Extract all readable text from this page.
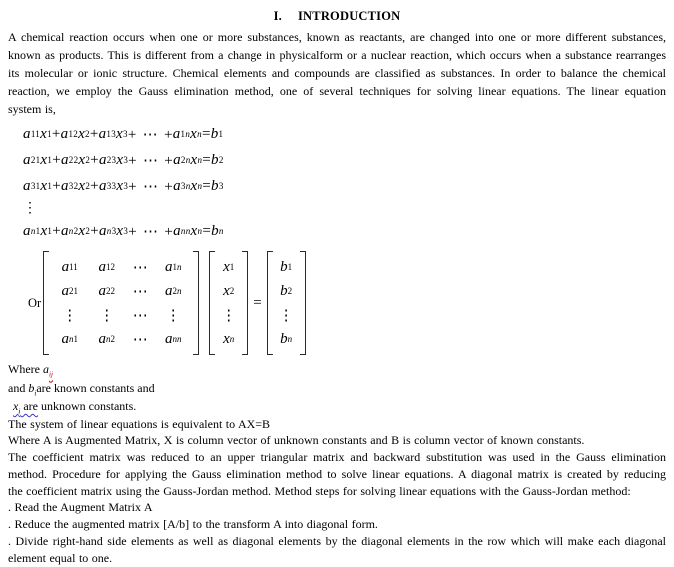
I. INTRODUCTION
A chemical reaction occurs when one or more substances, known as reactants, are changed into one or more different substances,
known as products. This is different from a change in physicalform or a nuclear reaction, which occurs when a substance rearranges
its molecular or ionic structure. Chemical elements and compounds are classified as substances. In order to balance the chemical
reaction, we employ the Gauss elimination method, one of several techniques for solving linear equations. The linear equation
system is,
a 11 x 1 + a 12 x 2 + a 13 x 3 + ⋯ + a 1n x n = b 1
a 21 x 1 + a 22 x 2 + a 23 x 3 + ⋯ + a 2n x n = b 2
a 31 x 1 + a 32 x 2 + a 33 x 3 + ⋯ + a 3n x n = b 3
⋮
a n1 x 1 + a n2 x 2 + a n3 x 3 + ⋯ + a nn x n = b n
Or
a 11 a 12	⋯	a 1n
a 21 a 22	⋯	a 2n
⋮	⋮	⋯	⋮
a n1 a n2	⋯	a nn
x 1
x 2
⋮
x n
=
b 1
b 2
⋮
b n
Where $a_{ij}$
and $b_iare$ known constants and
$x_i$ are unknown constants.
The system of linear equations is equivalent to AX=B
Where A is Augmented Matrix, X is column vector of unknown constants and B is column vector of known constants.
The coefficient matrix was reduced to an upper triangular matrix and backward substitution was used in the Gauss elimination
method. Procedure for applying the Gauss elimination method to solve linear equations. A diagonal matrix is created by reducing
the coefficient matrix using the Gauss-Jordan method. Method steps for solving linear equations with the Gauss-Jordan method:
. Read the Augment Matrix A
. Reduce the augmented matrix [A/b] to the transform A into diagonal form.
. Divide right-hand side elements as well as diagonal elements by the diagonal elements in the row which will make each diagonal
element equal to one.
